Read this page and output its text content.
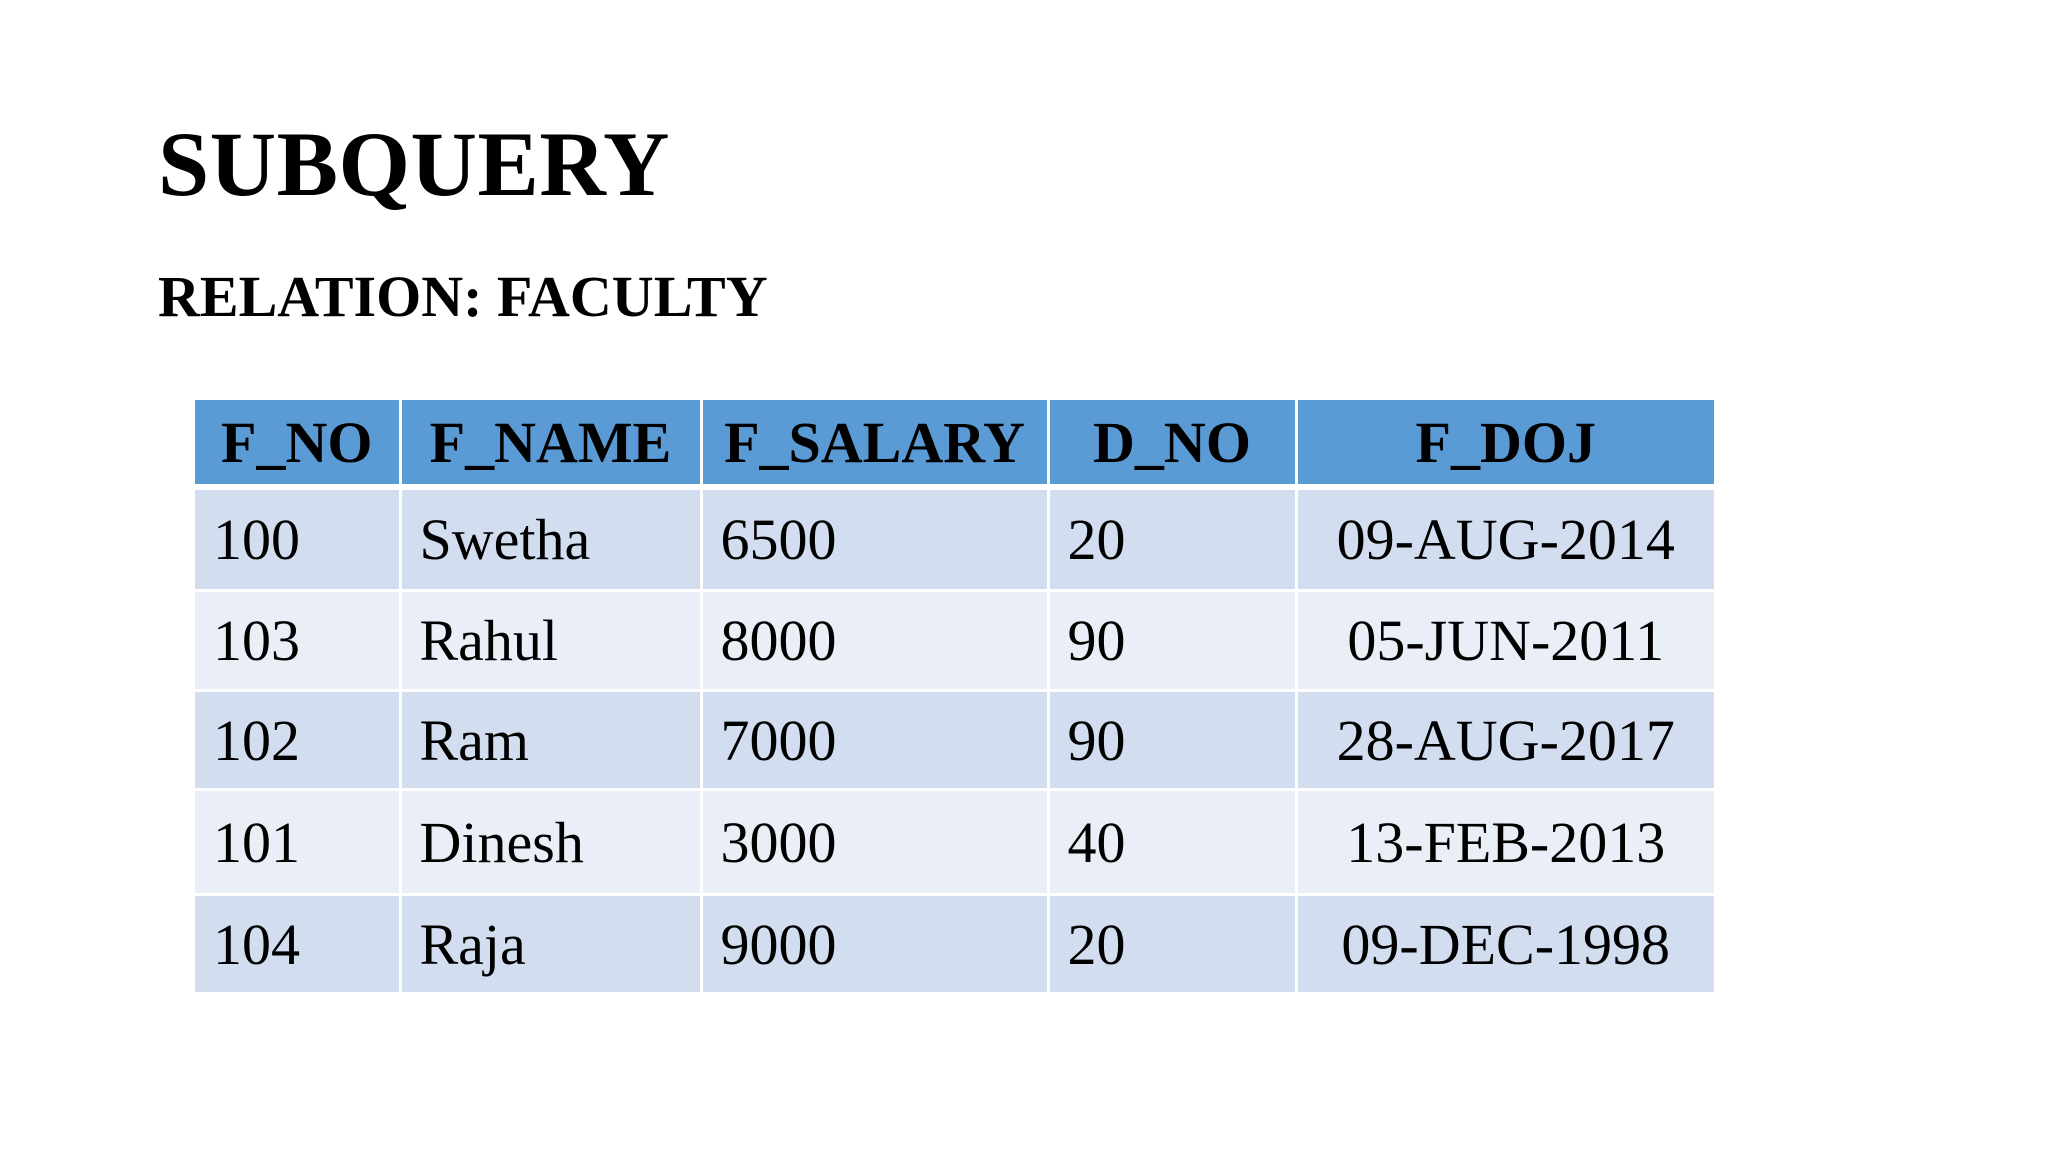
SUBQUERY
RELATION: FACULTY
F_NO	F_NAME	F_SALARY	D_NO	F_DOJ
100	Swetha	6500	20	09-AUG-2014
103	Rahul	8000	90	05-JUN-2011
102	Ram	7000	90	28-AUG-2017
101	Dinesh	3000	40	13-FEB-2013
104	Raja	9000	20	09-DEC-1998
